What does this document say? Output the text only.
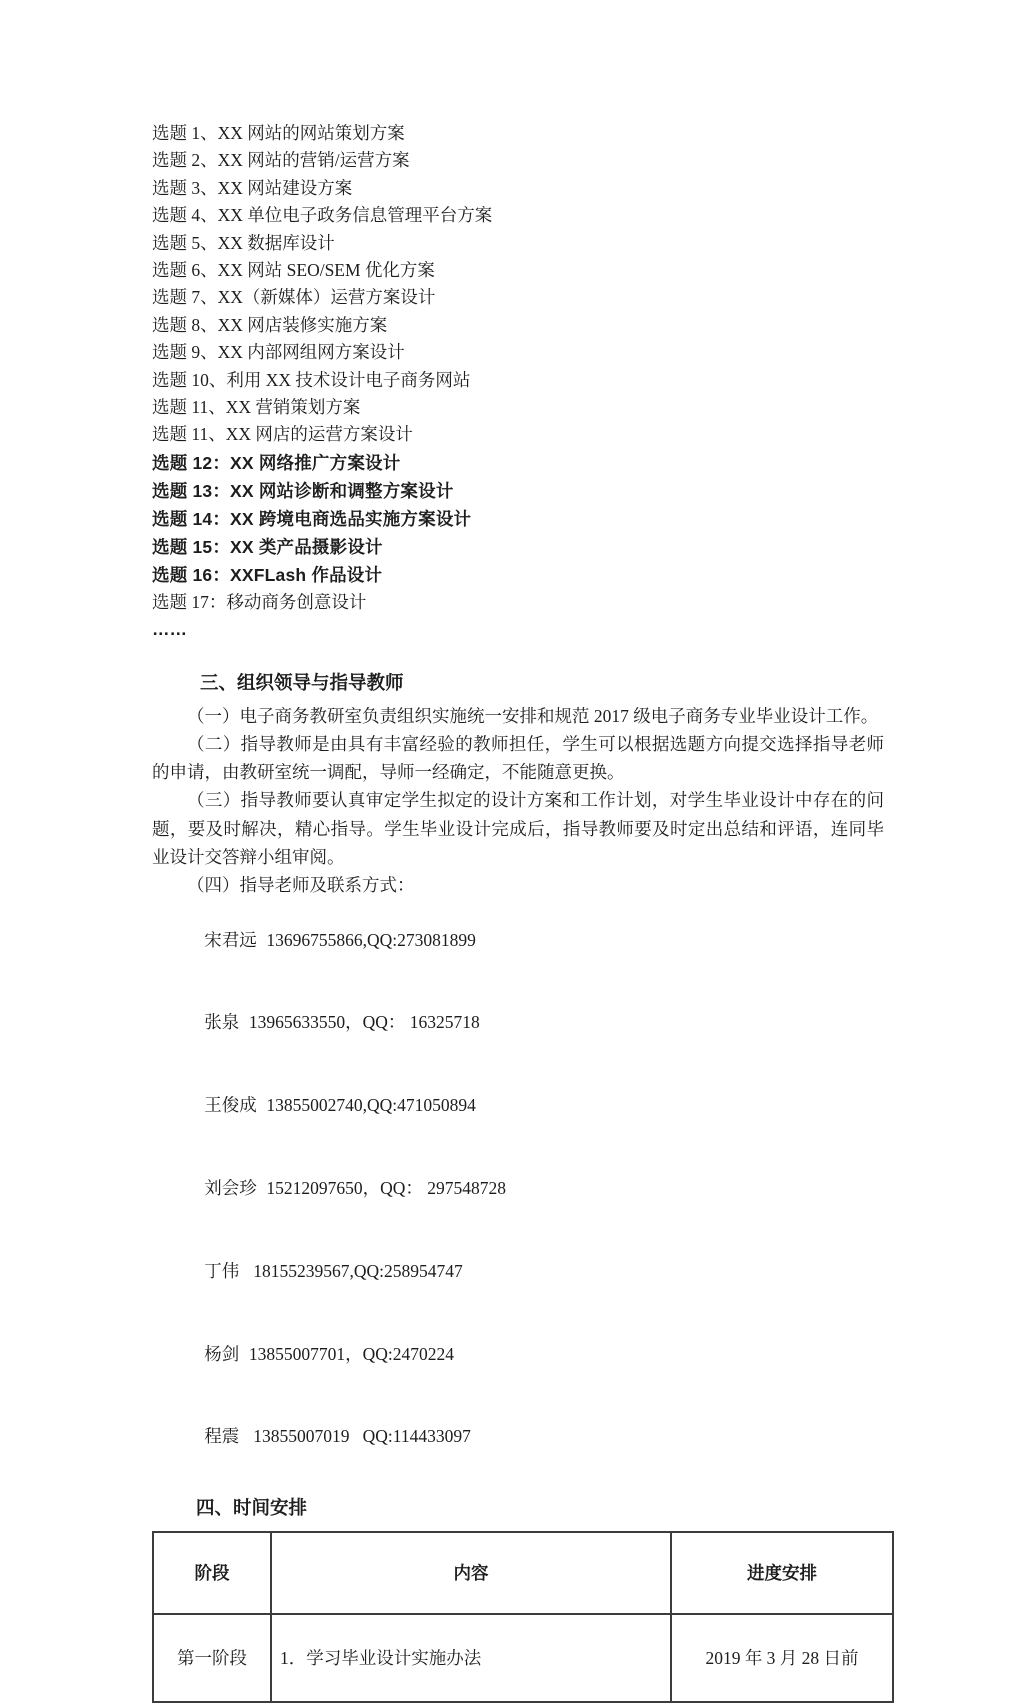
选题 1、XX 网站的网站策划方案
选题 2、XX 网站的营销/运营方案
选题 3、XX 网站建设方案
选题 4、XX 单位电子政务信息管理平台方案
选题 5、XX 数据库设计
选题 6、XX 网站 SEO/SEM 优化方案
选题 7、XX（新媒体）运营方案设计
选题 8、XX 网店装修实施方案
选题 9、XX 内部网组网方案设计
选题 10、利用 XX 技术设计电子商务网站
选题 11、XX 营销策划方案
选题 11、XX 网店的运营方案设计
选题 12：XX 网络推广方案设计
选题 13：XX 网站诊断和调整方案设计
选题 14：XX 跨境电商选品实施方案设计
选题 15：XX 类产品摄影设计
选题 16：XXFLash 作品设计
选题 17：移动商务创意设计
……
三、组织领导与指导教师

（一）电子商务教研室负责组织实施统一安排和规范 2017 级电子商务专业毕业设计工作。

（二）指导教师是由具有丰富经验的教师担任，学生可以根据选题方向提交选择指导老师的申请，由教研室统一调配，导师一经确定，不能随意更换。

（三）指导教师要认真审定学生拟定的设计方案和工作计划，对学生毕业设计中存在的问题，要及时解决，精心指导。学生毕业设计完成后，指导教师要及时定出总结和评语，连同毕业设计交答辩小组审阅。

（四）指导老师及联系方式：

宋君远 13696755866,QQ:273081899

张泉 13965633550，QQ： 16325718

王俊成 13855002740,QQ:471050894

刘会珍 15212097650，QQ： 297548728

丁伟 18155239567,QQ:258954747

杨剑 13855007701，QQ:2470224

程震 13855007019   QQ:114433097

四、时间安排
阶段	内容	进度安排
第一阶段	1．学习毕业设计实施办法	2019 年 3 月 28 日前
